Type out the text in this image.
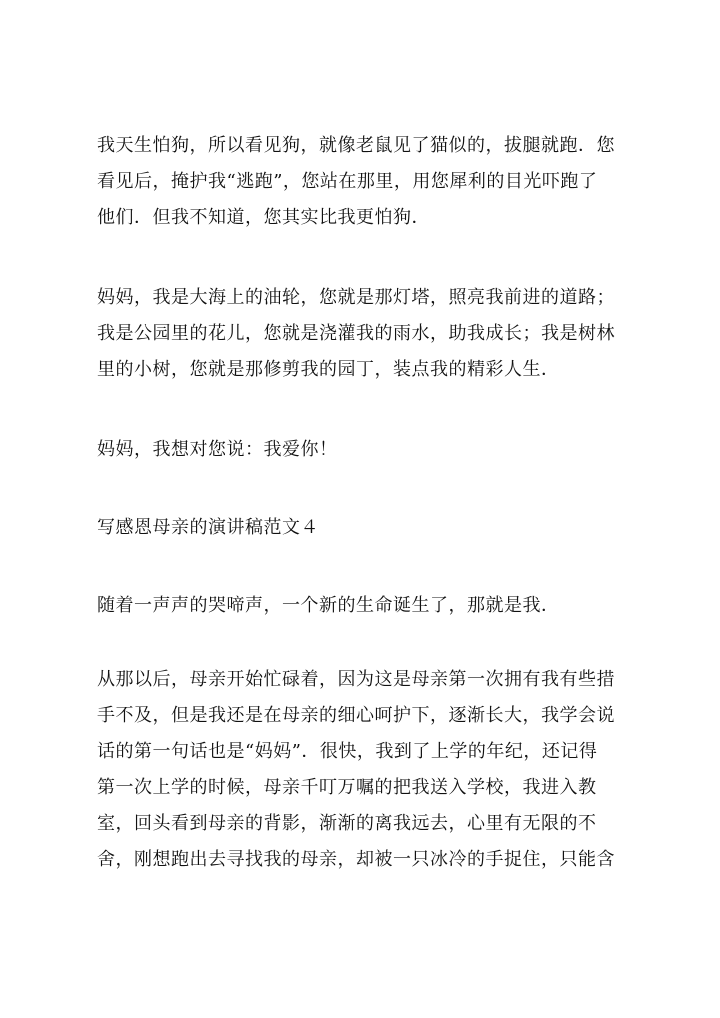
我天生怕狗，所以看见狗，就像老鼠见了猫似的，拔腿就跑．您
看见后，掩护我“逃跑”，您站在那里，用您犀利的目光吓跑了
他们．但我不知道，您其实比我更怕狗．
妈妈，我是大海上的油轮，您就是那灯塔，照亮我前进的道路；
我是公园里的花儿，您就是浇灌我的雨水，助我成长；我是树林
里的小树，您就是那修剪我的园丁，装点我的精彩人生．
妈妈，我想对您说：我爱你！
写感恩母亲的演讲稿范文４
随着一声声的哭啼声，一个新的生命诞生了，那就是我．
从那以后，母亲开始忙碌着，因为这是母亲第一次拥有我有些措
手不及，但是我还是在母亲的细心呵护下，逐渐长大，我学会说
话的第一句话也是“妈妈”．很快，我到了上学的年纪，还记得
第一次上学的时候，母亲千叮万嘱的把我送入学校，我进入教
室，回头看到母亲的背影，渐渐的离我远去，心里有无限的不
舍，刚想跑出去寻找我的母亲，却被一只冰冷的手捉住，只能含
